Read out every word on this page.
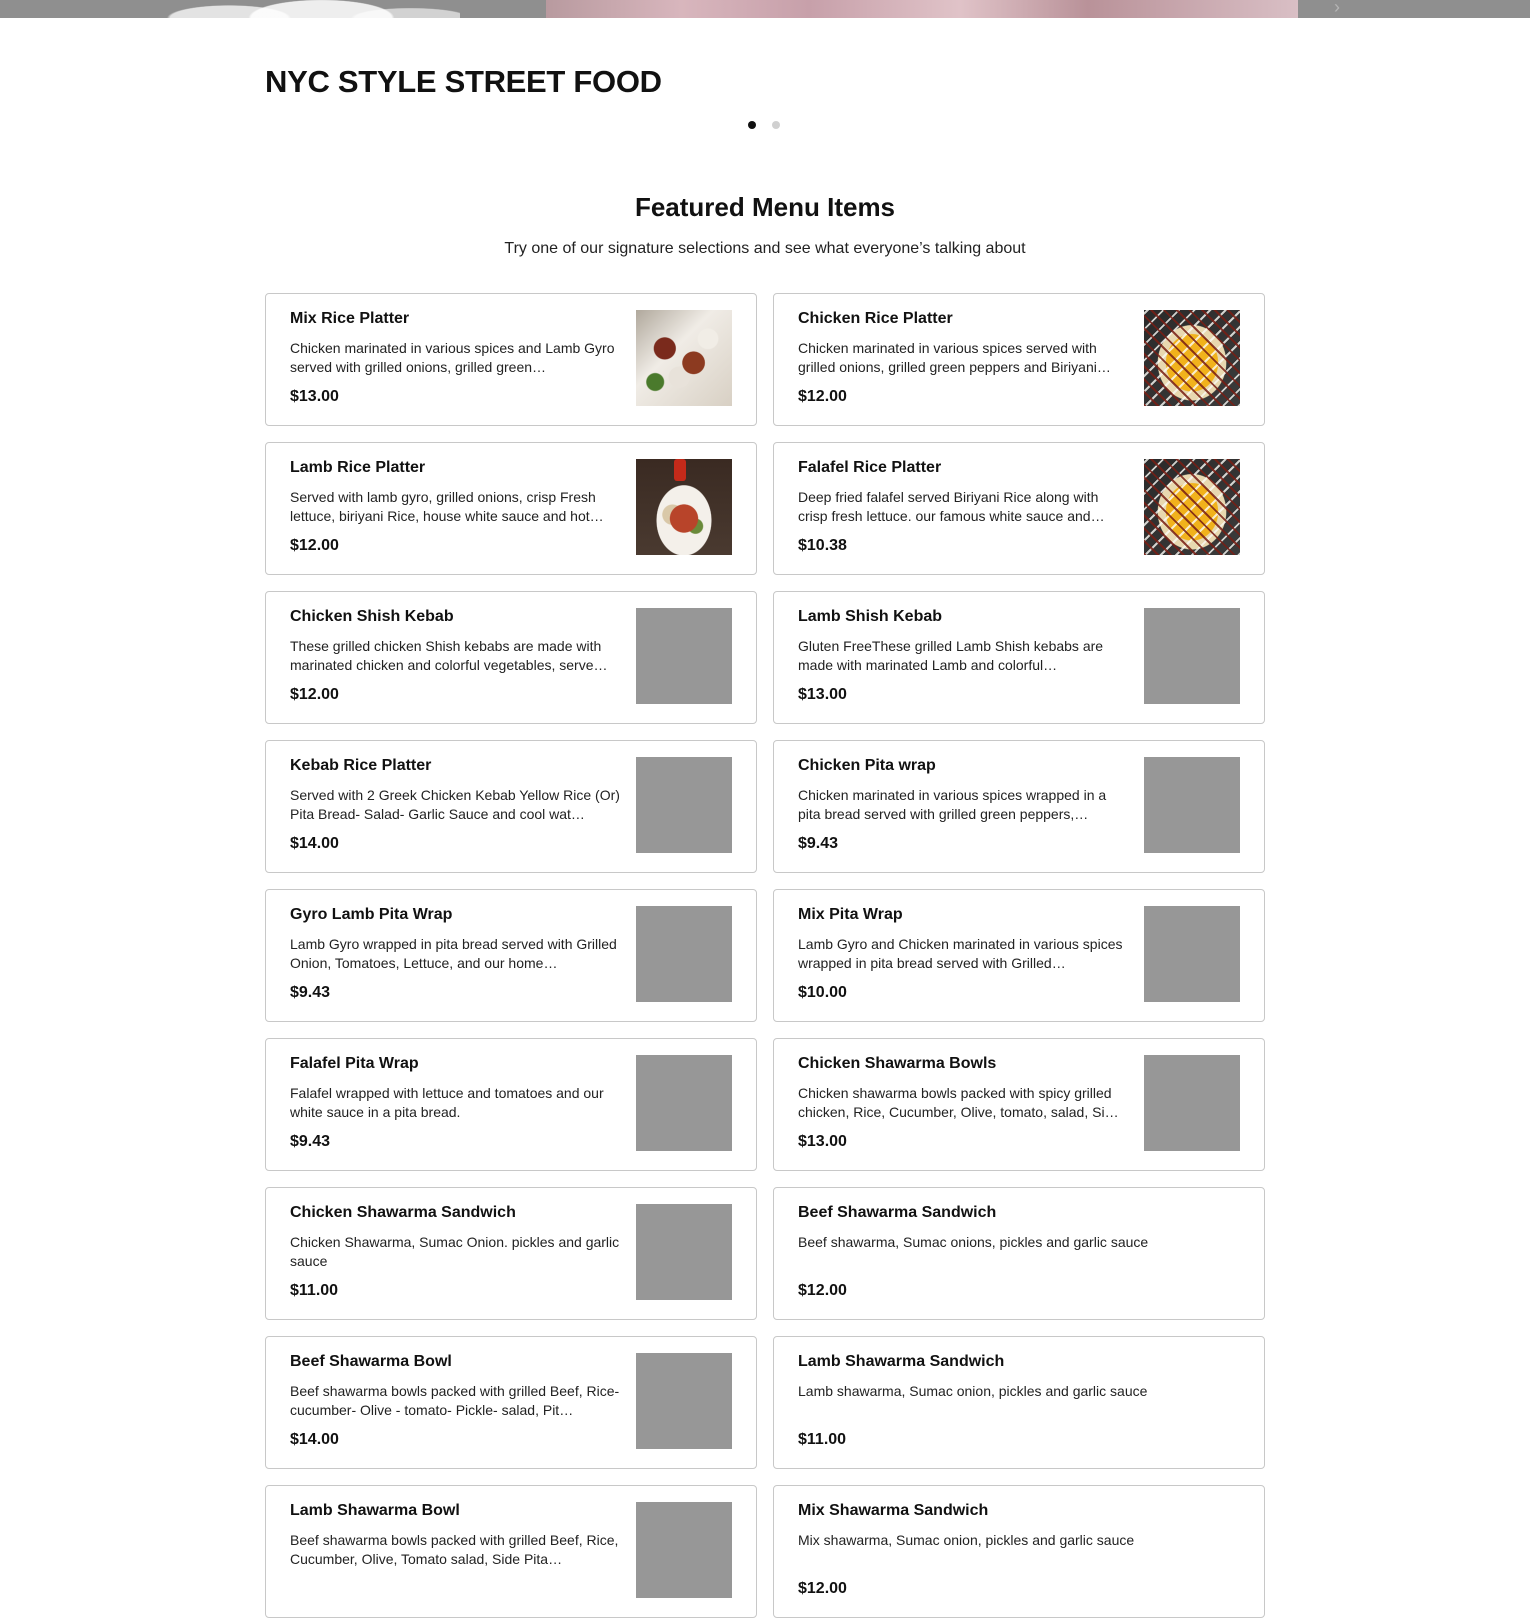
›
NYC STYLE STREET FOOD
Featured Menu Items

Try one of our signature selections and see what everyone’s talking about

Mix Rice Platter
Chicken marinated in various spices and Lamb Gyro served with grilled onions, grilled green…
$13.00
Chicken Rice Platter
Chicken marinated in various spices served with grilled onions, grilled green peppers and Biriyani…
$12.00
Lamb Rice Platter
Served with lamb gyro, grilled onions, crisp Fresh lettuce, biriyani Rice, house white sauce and hot…
$12.00
Falafel Rice Platter
Deep fried falafel served Biriyani Rice along with crisp fresh lettuce. our famous white sauce and…
$10.38
Chicken Shish Kebab
These grilled chicken Shish kebabs are made with marinated chicken and colorful vegetables, serve…
$12.00
Lamb Shish Kebab
Gluten FreeThese grilled Lamb Shish kebabs are made with marinated Lamb and colorful…
$13.00
Kebab Rice Platter
Served with 2 Greek Chicken Kebab Yellow Rice (Or) Pita Bread- Salad- Garlic Sauce and cool wat…
$14.00
Chicken Pita wrap
Chicken marinated in various spices wrapped in a pita bread served with grilled green peppers,…
$9.43
Gyro Lamb Pita Wrap
Lamb Gyro wrapped in pita bread served with Grilled Onion, Tomatoes, Lettuce, and our home…
$9.43
Mix Pita Wrap
Lamb Gyro and Chicken marinated in various spices wrapped in pita bread served with Grilled…
$10.00
Falafel Pita Wrap
Falafel wrapped with lettuce and tomatoes and our white sauce in a pita bread.
$9.43
Chicken Shawarma Bowls
Chicken shawarma bowls packed with spicy grilled chicken, Rice, Cucumber, Olive, tomato, salad, Si…
$13.00
Chicken Shawarma Sandwich
Chicken Shawarma, Sumac Onion. pickles and garlic sauce
$11.00
Beef Shawarma Sandwich
Beef shawarma, Sumac onions, pickles and garlic sauce
$12.00
Beef Shawarma Bowl
Beef shawarma bowls packed with grilled Beef, Rice- cucumber- Olive - tomato- Pickle- salad, Pit…
$14.00
Lamb Shawarma Sandwich
Lamb shawarma, Sumac onion, pickles and garlic sauce
$11.00
Lamb Shawarma Bowl
Beef shawarma bowls packed with grilled Beef, Rice, Cucumber, Olive, Tomato salad, Side Pita…
Mix Shawarma Sandwich
Mix shawarma, Sumac onion, pickles and garlic sauce
$12.00
